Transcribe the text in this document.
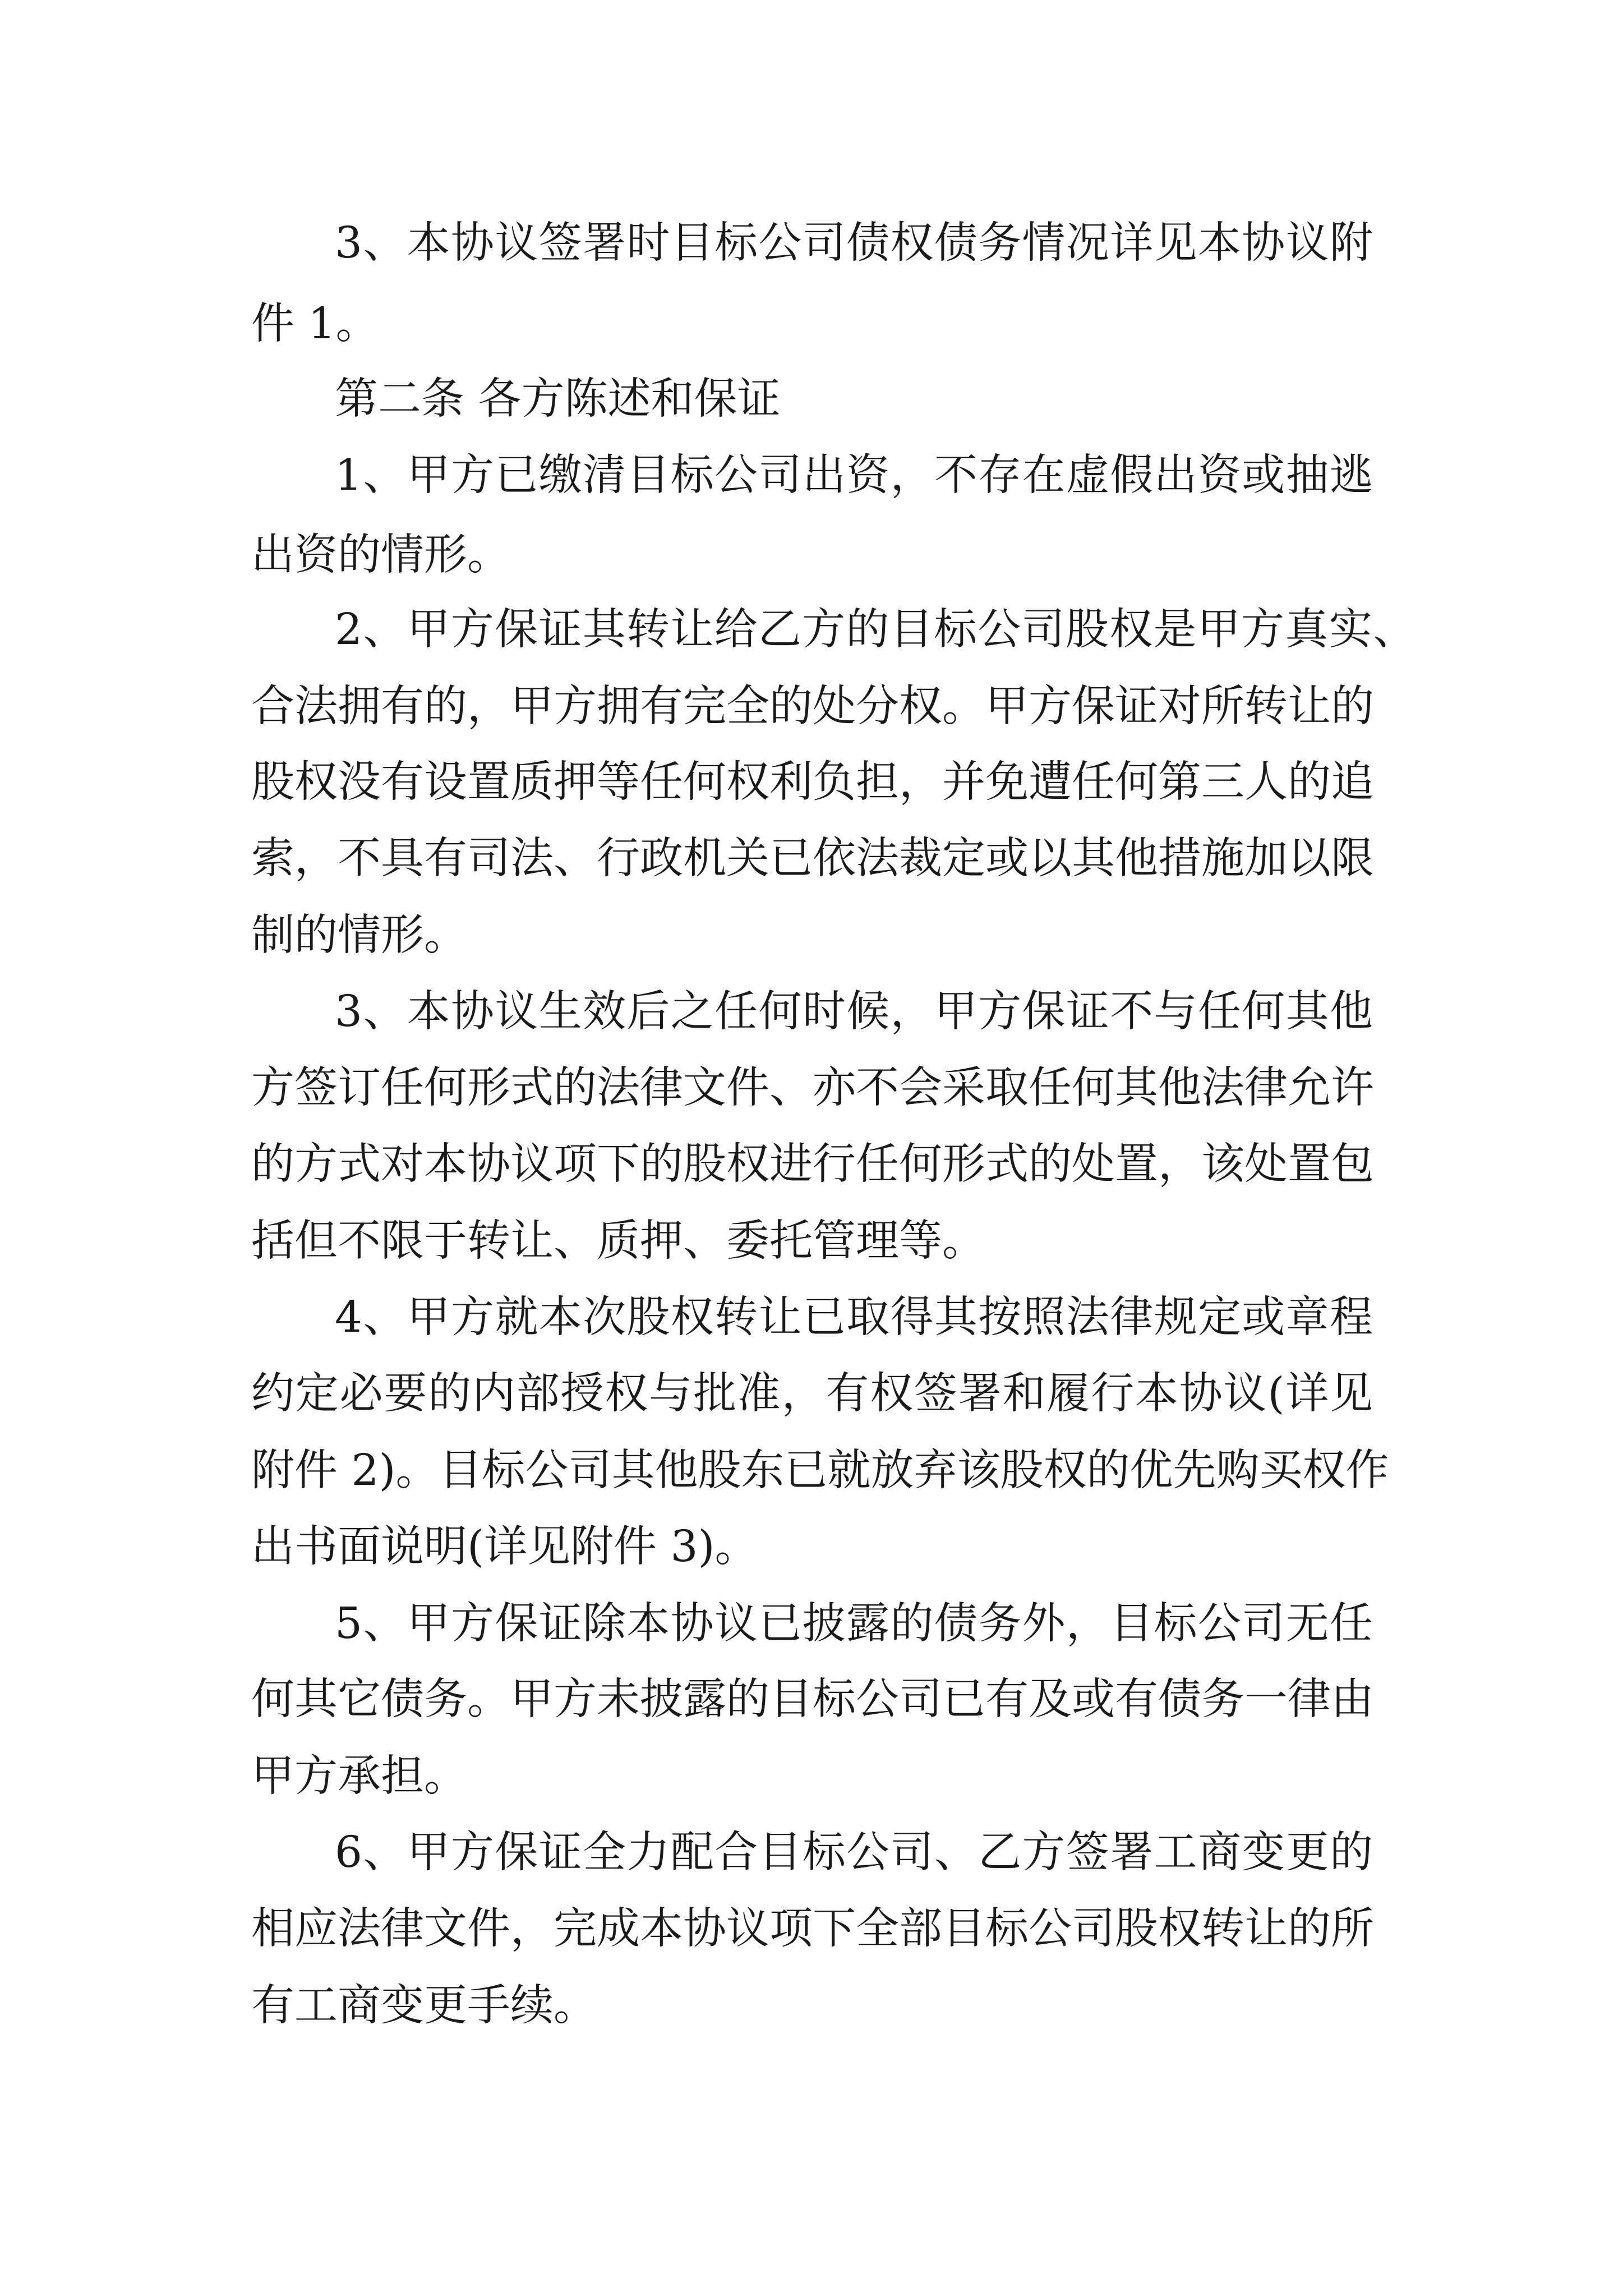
3、本协议签署时目标公司债权债务情况详见本协议附
件 1。
第二条 各方陈述和保证
1、甲方已缴清目标公司出资，不存在虚假出资或抽逃
出资的情形。
2、甲方保证其转让给乙方的目标公司股权是甲方真实、
合法拥有的，甲方拥有完全的处分权。甲方保证对所转让的
股权没有设置质押等任何权利负担，并免遭任何第三人的追
索，不具有司法、行政机关已依法裁定或以其他措施加以限
制的情形。
3、本协议生效后之任何时候，甲方保证不与任何其他
方签订任何形式的法律文件、亦不会采取任何其他法律允许
的方式对本协议项下的股权进行任何形式的处置，该处置包
括但不限于转让、质押、委托管理等。
4、甲方就本次股权转让已取得其按照法律规定或章程
约定必要的内部授权与批准，有权签署和履行本协议(详见
附件 2)。目标公司其他股东已就放弃该股权的优先购买权作
出书面说明(详见附件 3)。
5、甲方保证除本协议已披露的债务外，目标公司无任
何其它债务。甲方未披露的目标公司已有及或有债务一律由
甲方承担。
6、甲方保证全力配合目标公司、乙方签署工商变更的
相应法律文件，完成本协议项下全部目标公司股权转让的所
有工商变更手续。
